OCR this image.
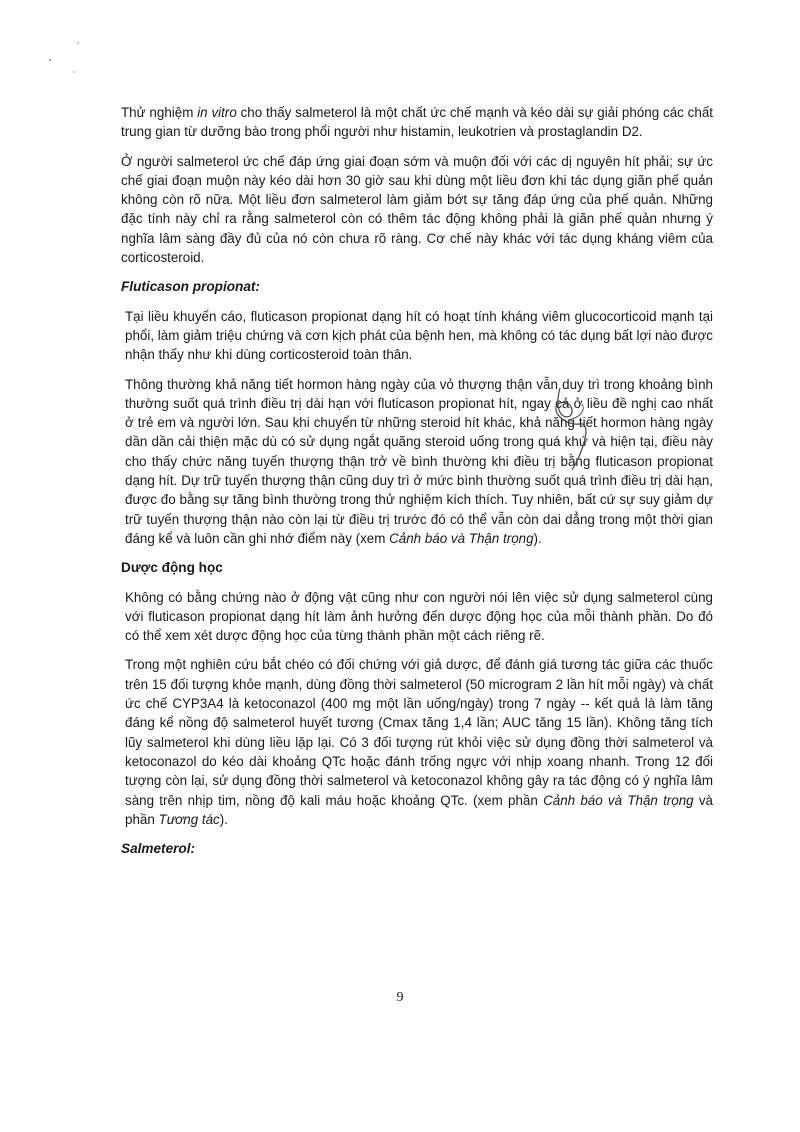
Thử nghiệm in vitro cho thấy salmeterol là một chất ức chế mạnh và kéo dài sự giải phóng các chất trung gian từ dưỡng bào trong phổi người như histamin, leukotrien và prostaglandin D2.

Ở người salmeterol ức chế đáp ứng giai đoạn sớm và muộn đối với các dị nguyên hít phải; sự ức chế giai đoạn muộn này kéo dài hơn 30 giờ sau khi dùng một liều đơn khi tác dụng giãn phế quản không còn rõ nữa. Một liều đơn salmeterol làm giảm bớt sự tăng đáp ứng của phế quản. Những đặc tính này chỉ ra rằng salmeterol còn có thêm tác động không phải là giãn phế quản nhưng ý nghĩa lâm sàng đầy đủ của nó còn chưa rõ ràng. Cơ chế này khác với tác dụng kháng viêm của corticosteroid.

Fluticason propionat:

Tại liều khuyến cáo, fluticason propionat dạng hít có hoạt tính kháng viêm glucocorticoid mạnh tại phổi, làm giảm triệu chứng và cơn kịch phát của bệnh hen, mà không có tác dụng bất lợi nào được nhận thấy như khi dùng corticosteroid toàn thân.

Thông thường khả năng tiết hormon hàng ngày của vỏ thượng thận vẫn duy trì trong khoảng bình thường suốt quá trình điều trị dài hạn với fluticason propionat hít, ngay cả ở liều đề nghị cao nhất ở trẻ em và người lớn. Sau khi chuyển từ những steroid hít khác, khả năng tiết hormon hàng ngày dần dần cải thiện mặc dù có sử dụng ngắt quãng steroid uống trong quá khứ và hiện tại, điều này cho thấy chức năng tuyến thượng thận trở về bình thường khi điều trị bằng fluticason propionat dạng hít. Dự trữ tuyến thượng thận cũng duy trì ở mức bình thường suốt quá trình điều trị dài hạn, được đo bằng sự tăng bình thường trong thử nghiệm kích thích. Tuy nhiên, bất cứ sự suy giảm dự trữ tuyến thượng thận nào còn lại từ điều trị trước đó có thể vẫn còn dai dẳng trong một thời gian đáng kể và luôn cần ghi nhớ điểm này (xem Cảnh báo và Thận trọng).

Dược động học

Không có bằng chứng nào ở động vật cũng như con người nói lên việc sử dụng salmeterol cùng với fluticason propionat dạng hít làm ảnh hưởng đến dược động học của mỗi thành phần. Do đó có thể xem xét dược động học của từng thành phần một cách riêng rẽ.

Trong một nghiên cứu bắt chéo có đối chứng với giả dược, để đánh giá tương tác giữa các thuốc trên 15 đối tượng khỏe mạnh, dùng đồng thời salmeterol (50 microgram 2 lần hít mỗi ngày) và chất ức chế CYP3A4 là ketoconazol (400 mg một lần uống/ngày) trong 7 ngày -- kết quả là làm tăng đáng kể nồng độ salmeterol huyết tương (Cmax tăng 1,4 lần; AUC tăng 15 lần). Không tăng tích lũy salmeterol khi dùng liều lặp lại. Có 3 đối tượng rút khỏi việc sử dụng đồng thời salmeterol và ketoconazol do kéo dài khoảng QTc hoặc đánh trống ngực với nhịp xoang nhanh. Trong 12 đối tượng còn lại, sử dụng đồng thời salmeterol và ketoconazol không gây ra tác động có ý nghĩa lâm sàng trên nhịp tim, nồng độ kali máu hoặc khoảng QTc. (xem phần Cảnh báo và Thận trọng và phần Tương tác).

Salmeterol:

9
